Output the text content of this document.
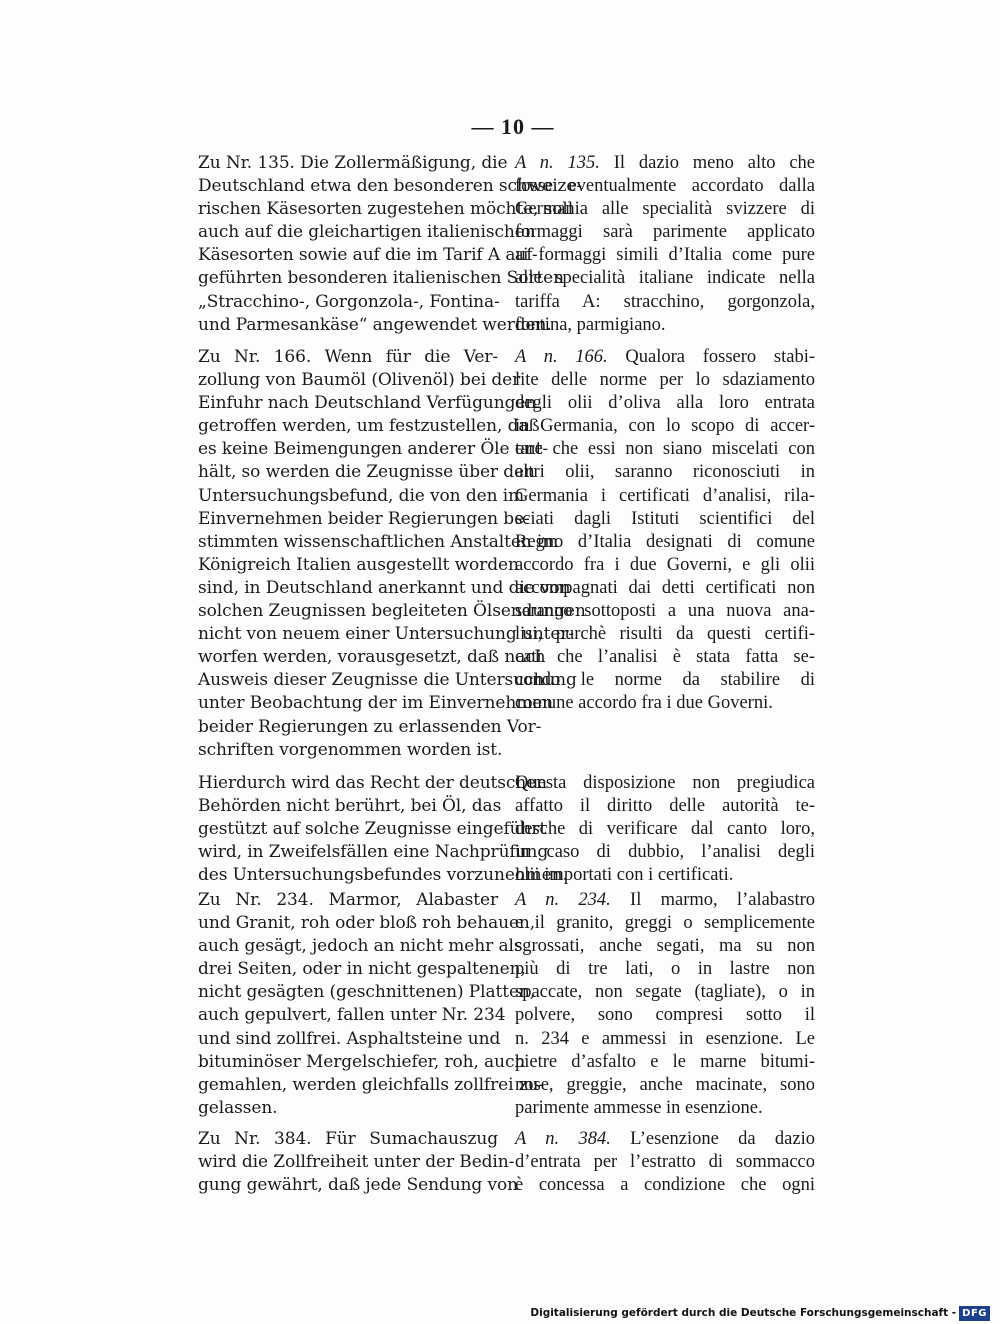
— 10 —
Zu Nr. 135. Die Zollermäßigung, die
Deutschland etwa den besonderen schweize-
rischen Käsesorten zugestehen möchte, soll
auch auf die gleichartigen italienischen
Käsesorten sowie auf die im Tarif A auf-
geführten besonderen italienischen Sorten
„Stracchino-, Gorgonzola-, Fontina-
und Parmesankäse“ angewendet werden.
Zu Nr. 166. Wenn für die Ver-
zollung von Baumöl (Olivenöl) bei der
Einfuhr nach Deutschland Verfügungen
getroffen werden, um festzustellen, daß
es keine Beimengungen anderer Öle ent-
hält, so werden die Zeugnisse über den
Untersuchungsbefund, die von den im
Einvernehmen beider Regierungen be-
stimmten wissenschaftlichen Anstalten im
Königreich Italien ausgestellt worden
sind, in Deutschland anerkannt und die von
solchen Zeugnissen begleiteten Ölsendungen
nicht von neuem einer Untersuchung unter-
worfen werden, vorausgesetzt, daß nach
Ausweis dieser Zeugnisse die Untersuchung
unter Beobachtung der im Einvernehmen
beider Regierungen zu erlassenden Vor-
schriften vorgenommen worden ist.
Hierdurch wird das Recht der deutschen
Behörden nicht berührt, bei Öl, das
gestützt auf solche Zeugnisse eingeführt
wird, in Zweifelsfällen eine Nachprüfung
des Untersuchungsbefundes vorzunehmen.
Zu Nr. 234. Marmor, Alabaster
und Granit, roh oder bloß roh behauen,
auch gesägt, jedoch an nicht mehr als
drei Seiten, oder in nicht gespaltenen,
nicht gesägten (geschnittenen) Platten,
auch gepulvert, fallen unter Nr. 234
und sind zollfrei. Asphaltsteine und
bituminöser Mergelschiefer, roh, auch
gemahlen, werden gleichfalls zollfrei zu-
gelassen.
Zu Nr. 384. Für Sumachauszug
wird die Zollfreiheit unter der Bedin-
gung gewährt, daß jede Sendung von
A n. 135. Il dazio meno alto che
fosse eventualmente accordato dalla
Germania alle specialità svizzere di
formaggi sarà parimente applicato
ai formaggi simili d’Italia come pure
alle specialità italiane indicate nella
tariffa A: stracchino, gorgonzola,
fontina, parmigiano.
A n. 166. Qualora fossero stabi-
lite delle norme per lo sdaziamento
degli olii d’oliva alla loro entrata
in Germania, con lo scopo di accer-
tare che essi non siano miscelati con
altri olii, saranno riconosciuti in
Germania i certificati d’analisi, rila-
sciati dagli Istituti scientifici del
Regno d’Italia designati di comune
accordo fra i due Governi, e gli olii
accompagnati dai detti certificati non
saranno sottoposti a una nuova ana-
lisi, purchè risulti da questi certifi-
cati che l’analisi è stata fatta se-
condo le norme da stabilire di
comune accordo fra i due Governi.
Questa disposizione non pregiudica
affatto il diritto delle autorità te-
desche di verificare dal canto loro,
in caso di dubbio, l’analisi degli
olii importati con i certificati.
A n. 234. Il marmo, l’alabastro
e il granito, greggi o semplicemente
sgrossati, anche segati, ma su non
più di tre lati, o in lastre non
spaccate, non segate (tagliate), o in
polvere, sono compresi sotto il
n. 234 e ammessi in esenzione. Le
pietre d’asfalto e le marne bitumi-
nose, greggie, anche macinate, sono
parimente ammesse in esenzione.
A n. 384. L’esenzione da dazio
d’entrata per l’estratto di sommacco
è concessa a condizione che ogni
Digitalisierung gefördert durch die Deutsche Forschungsgemeinschaft - DFG
